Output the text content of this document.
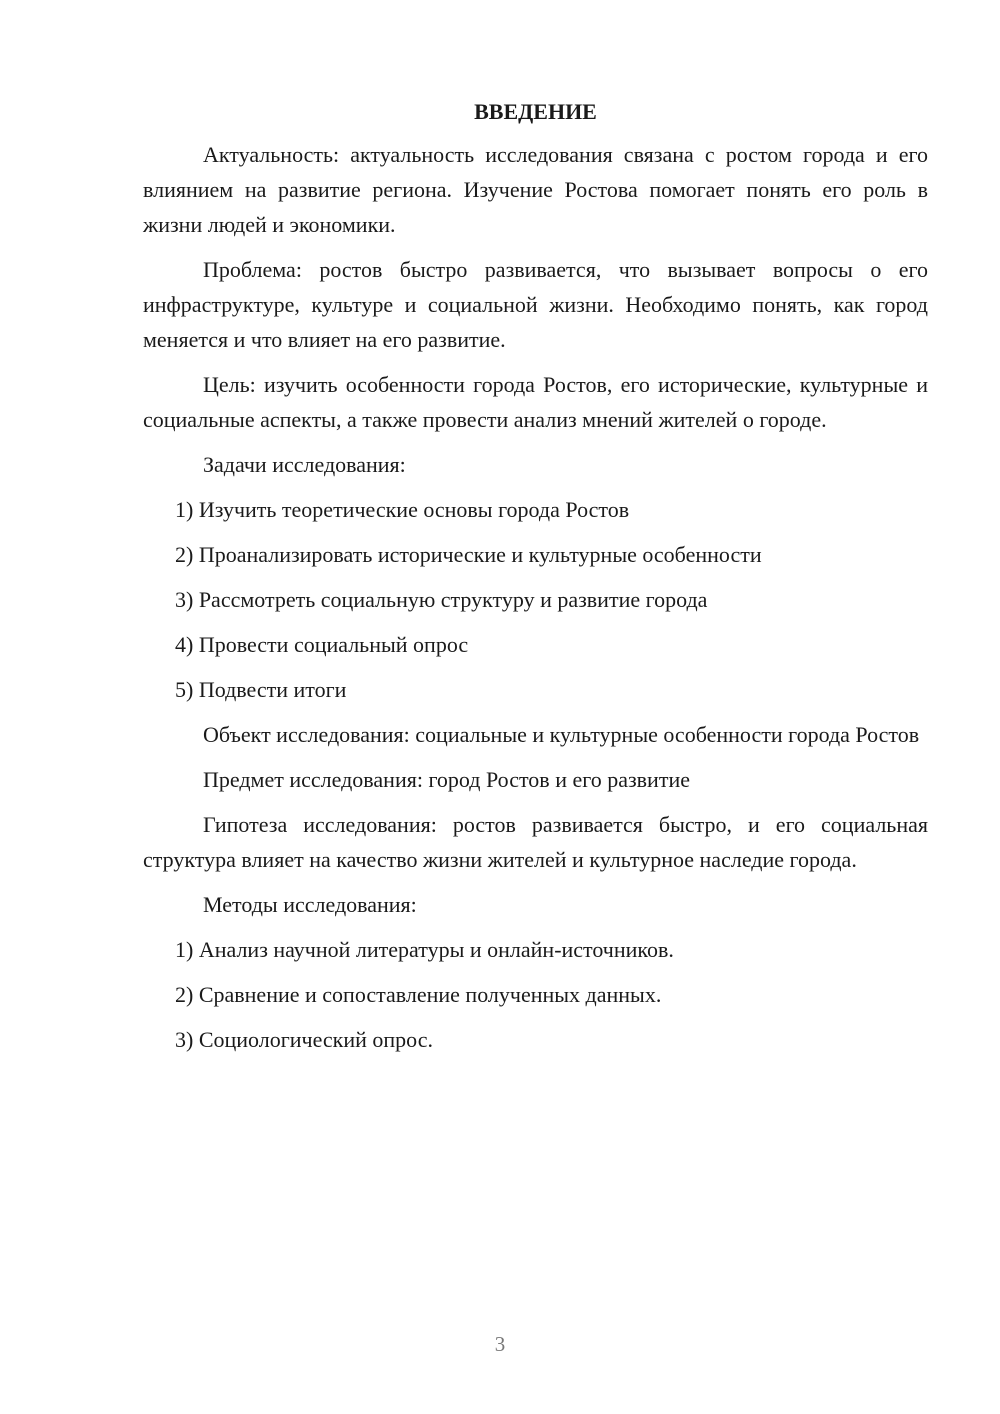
ВВЕДЕНИЕ

Актуальность: актуальность исследования связана с ростом города и его влиянием на развитие региона. Изучение Ростова помогает понять его роль в жизни людей и экономики.

Проблема: ростов быстро развивается, что вызывает вопросы о его инфраструктуре, культуре и социальной жизни. Необходимо понять, как город меняется и что влияет на его развитие.

Цель: изучить особенности города Ростов, его исторические, культурные и социальные аспекты, а также провести анализ мнений жителей о городе.

Задачи исследования:

1) Изучить теоретические основы города Ростов

2) Проанализировать исторические и культурные особенности

3) Рассмотреть социальную структуру и развитие города

4) Провести социальный опрос

5) Подвести итоги

Объект исследования: социальные и культурные особенности города Ростов

Предмет исследования: город Ростов и его развитие

Гипотеза исследования: ростов развивается быстро, и его социальная структура влияет на качество жизни жителей и культурное наследие города.

Методы исследования:

1) Анализ научной литературы и онлайн-источников.

2) Сравнение и сопоставление полученных данных.

3) Социологический опрос.

3
